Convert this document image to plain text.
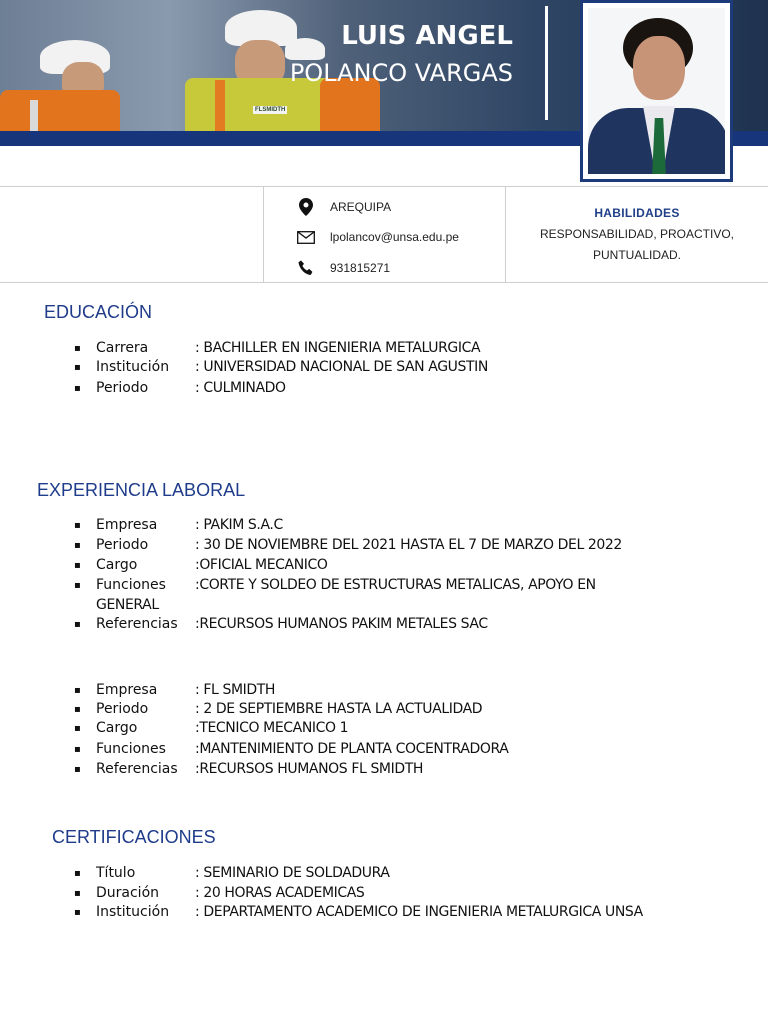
FLSMIDTH
LUIS ANGEL
POLANCO VARGAS
AREQUIPA
lpolancov@unsa.edu.pe
931815271
HABILIDADES
RESPONSABILIDAD, PROACTIVO,
PUNTUALIDAD.
EDUCACIÓN
▪	Carrera	: BACHILLER EN INGENIERIA METALURGICA
▪	Institución	: UNIVERSIDAD NACIONAL DE SAN AGUSTIN
▪	Periodo	: CULMINADO
EXPERIENCIA LABORAL
▪	Empresa	: PAKIM S.A.C
▪	Periodo	: 30 DE NOVIEMBRE DEL 2021 HASTA EL 7 DE MARZO DEL 2022
▪	Cargo	:OFICIAL MECANICO
▪	Funciones	:CORTE Y SOLDEO DE ESTRUCTURAS METALICAS, APOYO EN
GENERAL
▪	Referencias	:RECURSOS HUMANOS PAKIM METALES SAC
▪	Empresa	: FL SMIDTH
▪	Periodo	: 2 DE SEPTIEMBRE HASTA LA ACTUALIDAD
▪	Cargo	:TECNICO MECANICO 1
▪	Funciones	:MANTENIMIENTO DE PLANTA COCENTRADORA
▪	Referencias	:RECURSOS HUMANOS FL SMIDTH
CERTIFICACIONES
▪	Título	: SEMINARIO DE SOLDADURA
▪	Duración	: 20 HORAS ACADEMICAS
▪	Institución	: DEPARTAMENTO ACADEMICO DE INGENIERIA METALURGICA UNSA
